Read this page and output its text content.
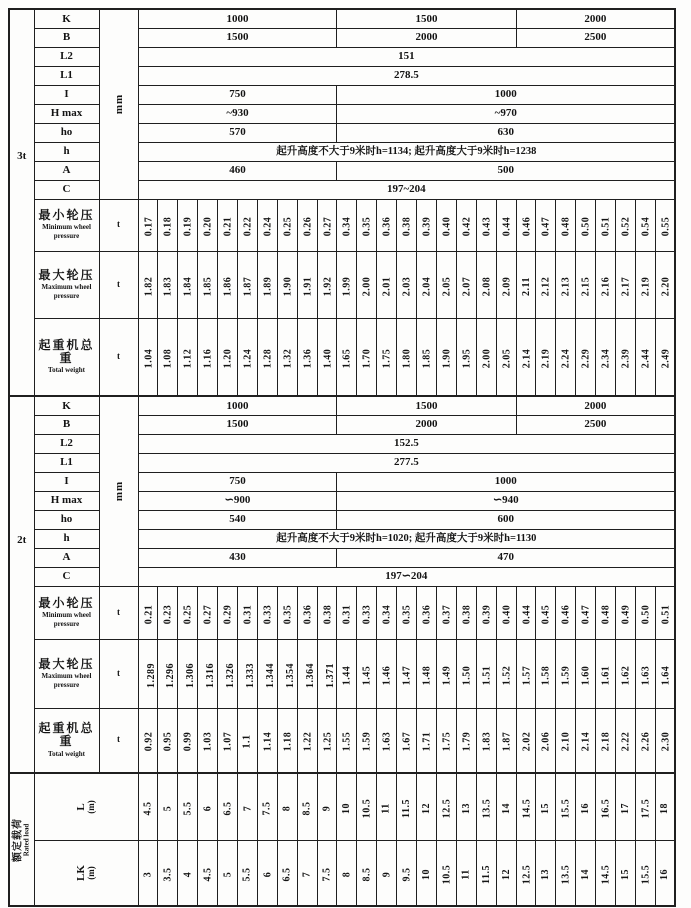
3t	K	mm	1000										1500									2000							
	B		1500										2000									2500							
	L2		151																										
	L1		278.5																										
	I		750										1000																
	H max		~930										~970																
	ho		570										630																
	h		起升高度不大于9米时h=1134; 起升高度大于9米时h=1238																										
	A		460										500																
	C		197~204																										

	最小轮压
Minimum wheel pressure	t	0.17	0.18	0.19	0.20	0.21	0.22	0.24	0.25	0.26	0.27	0.34	0.35	0.36	0.38	0.39	0.40	0.42	0.43	0.44	0.46	0.47	0.48	0.50	0.51	0.52	0.54	0.55

	最大轮压
Maximum wheel pressure	t	1.82	1.83	1.84	1.85	1.86	1.87	1.89	1.90	1.91	1.92	1.99	2.00	2.01	2.03	2.04	2.05	2.07	2.08	2.09	2.11	2.12	2.13	2.15	2.16	2.17	2.19	2.20

	起重机总重
Total weight	t	1.04	1.08	1.12	1.16	1.20	1.24	1.28	1.32	1.36	1.40	1.65	1.70	1.75	1.80	1.85	1.90	1.95	2.00	2.05	2.14	2.19	2.24	2.29	2.34	2.39	2.44	2.49

2t	K	mm	1000										1500									2000							
	B		1500										2000									2500							
	L2		152.5																										
	L1		277.5																										
	I		750										1000																
	H max		∽900										∽940																
	ho		540										600																
	h		起升高度不大于9米时h=1020; 起升高度大于9米时h=1130																										
	A		430										470																
	C		197∽204																										

	最小轮压
Minimum wheel pressure	t	0.21	0.23	0.25	0.27	0.29	0.31	0.33	0.35	0.36	0.38	0.31	0.33	0.34	0.35	0.36	0.37	0.38	0.39	0.40	0.44	0.45	0.46	0.47	0.48	0.49	0.50	0.51

	最大轮压
Maximum wheel pressure	t	1.289	1.296	1.306	1.316	1.326	1.333	1.344	1.354	1.364	1.371	1.44	1.45	1.46	1.47	1.48	1.49	1.50	1.51	1.52	1.57	1.58	1.59	1.60	1.61	1.62	1.63	1.64

	起重机总重
Total weight	t	0.92	0.95	0.99	1.03	1.07	1.1	1.14	1.18	1.22	1.25	1.55	1.59	1.63	1.67	1.71	1.75	1.79	1.83	1.87	2.02	2.06	2.10	2.14	2.18	2.22	2.26	2.30

额定载荷 Rated load	L (m)		4.5	5	5.5	6	6.5	7	7.5	8	8.5	9	10	10.5	11	11.5	12	12.5	13	13.5	14	14.5	15	15.5	16	16.5	17	17.5	18

	LK (m)		3	3.5	4	4.5	5	5.5	6	6.5	7	7.5	8	8.5	9	9.5	10	10.5	11	11.5	12	12.5	13	13.5	14	14.5	15	15.5	16
